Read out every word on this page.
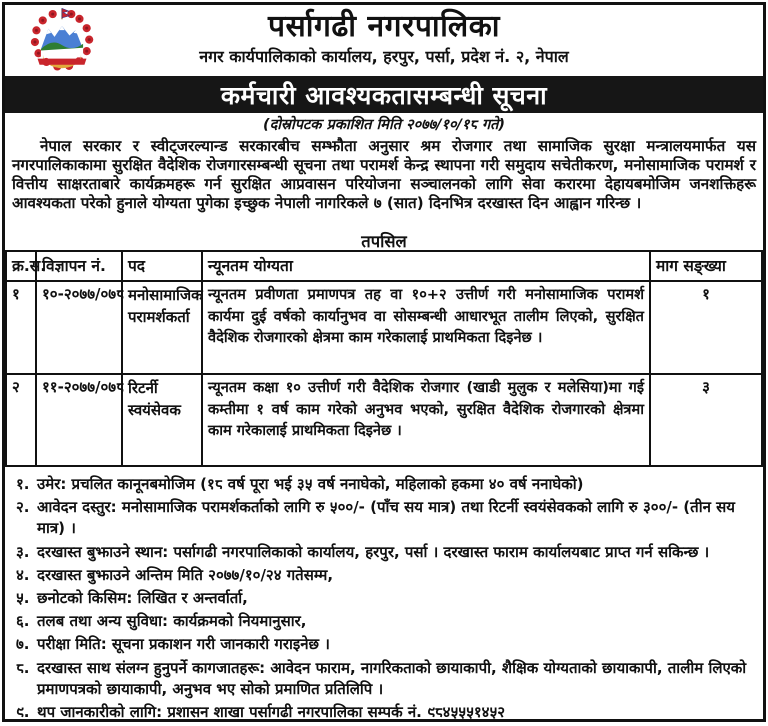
पर्सागढी नगरपालिका
नगर कार्यपालिकाको कार्यालय, हरपुर, पर्सा, प्रदेश नं. २, नेपाल
कर्मचारी आवश्यकतासम्बन्धी सूचना
(दोस्रोपटक प्रकाशित मिति २०७७/१०/१८ गते)
नेपाल सरकार र स्वीट्जरल्यान्ड सरकारबीच सम्झौता अनुसार श्रम रोजगार तथा सामाजिक सुरक्षा मन्त्रालयमार्फत यस नगरपालिकाकामा सुरक्षित वैदेशिक रोजगारसम्बन्धी सूचना तथा परामर्श केन्द्र स्थापना गरी समुदाय सचेतीकरण, मनोसामाजिक परामर्श र वित्तीय साक्षरताबारे कार्यक्रमहरू गर्न सुरक्षित आप्रवासन परियोजना सञ्चालनको लागि सेवा करारमा देहायबमोजिम जनशक्तिहरू आवश्यकता परेको हुनाले योग्यता पुगेका इच्छुक नेपाली नागरिकले ७ (सात) दिनभित्र दरखास्त दिन आह्वान गरिन्छ ।
तपसिल
क्र.स.	विज्ञापन नं.	पद	न्यूनतम योग्यता	माग सङ्ख्या
१	१०-२०७७/०७८	मनोसामाजिक परामर्शकर्ता	न्यूनतम प्रवीणता प्रमाणपत्र तह वा १०+२ उत्तीर्ण गरी मनोसामाजिक परामर्श कार्यमा दुई वर्षको कार्यानुभव वा सोसम्बन्धी आधारभूत तालीम लिएको, सुरक्षित वैदेशिक रोजगारको क्षेत्रमा काम गरेकालाई प्राथमिकता दिइनेछ ।	१
२	११-२०७७/०७८	रिटर्नी स्वयंसेवक	न्यूनतम कक्षा १० उत्तीर्ण गरी वैदेशिक रोजगार (खाडी मुलुक र मलेसिया)मा गई कम्तीमा १ वर्ष काम गरेको अनुभव भएको, सुरक्षित वैदेशिक रोजगारको क्षेत्रमा काम गरेकालाई प्राथमिकता दिइनेछ ।	३
१. उमेर: प्रचलित कानूनबमोजिम (१८ वर्ष पूरा भई ३५ वर्ष ननाघेको, महिलाको हकमा ४० वर्ष ननाघेको)
२. आवेदन दस्तुर: मनोसामाजिक परामर्शकर्ताको लागि रु ५००/- (पाँच सय मात्र) तथा रिटर्नी स्वयंसेवकको लागि रु ३००/- (तीन सय मात्र) ।
३. दरखास्त बुझाउने स्थान: पर्सागढी नगरपालिकाको कार्यालय, हरपुर, पर्सा । दरखास्त फाराम कार्यालयबाट प्राप्त गर्न सकिन्छ ।
४. दरखास्त बुझाउने अन्तिम मिति २०७७/१०/२४ गतेसम्म,
५. छनोटको किसिम: लिखित र अन्तर्वार्ता,
६. तलब तथा अन्य सुविधा: कार्यक्रमको नियमानुसार,
७. परीक्षा मिति: सूचना प्रकाशन गरी जानकारी गराइनेछ ।
८. दरखास्त साथ संलग्न हुनुपर्ने कागजातहरू: आवेदन फाराम, नागरिकताको छायाकापी, शैक्षिक योग्यताको छायाकापी, तालीम लिएको प्रमाणपत्रको छायाकापी, अनुभव भए सोको प्रमाणित प्रतिलिपि ।
९. थप जानकारीको लागि: प्रशासन शाखा पर्सागढी नगरपालिका सम्पर्क नं. ९८४५५५१४५२
